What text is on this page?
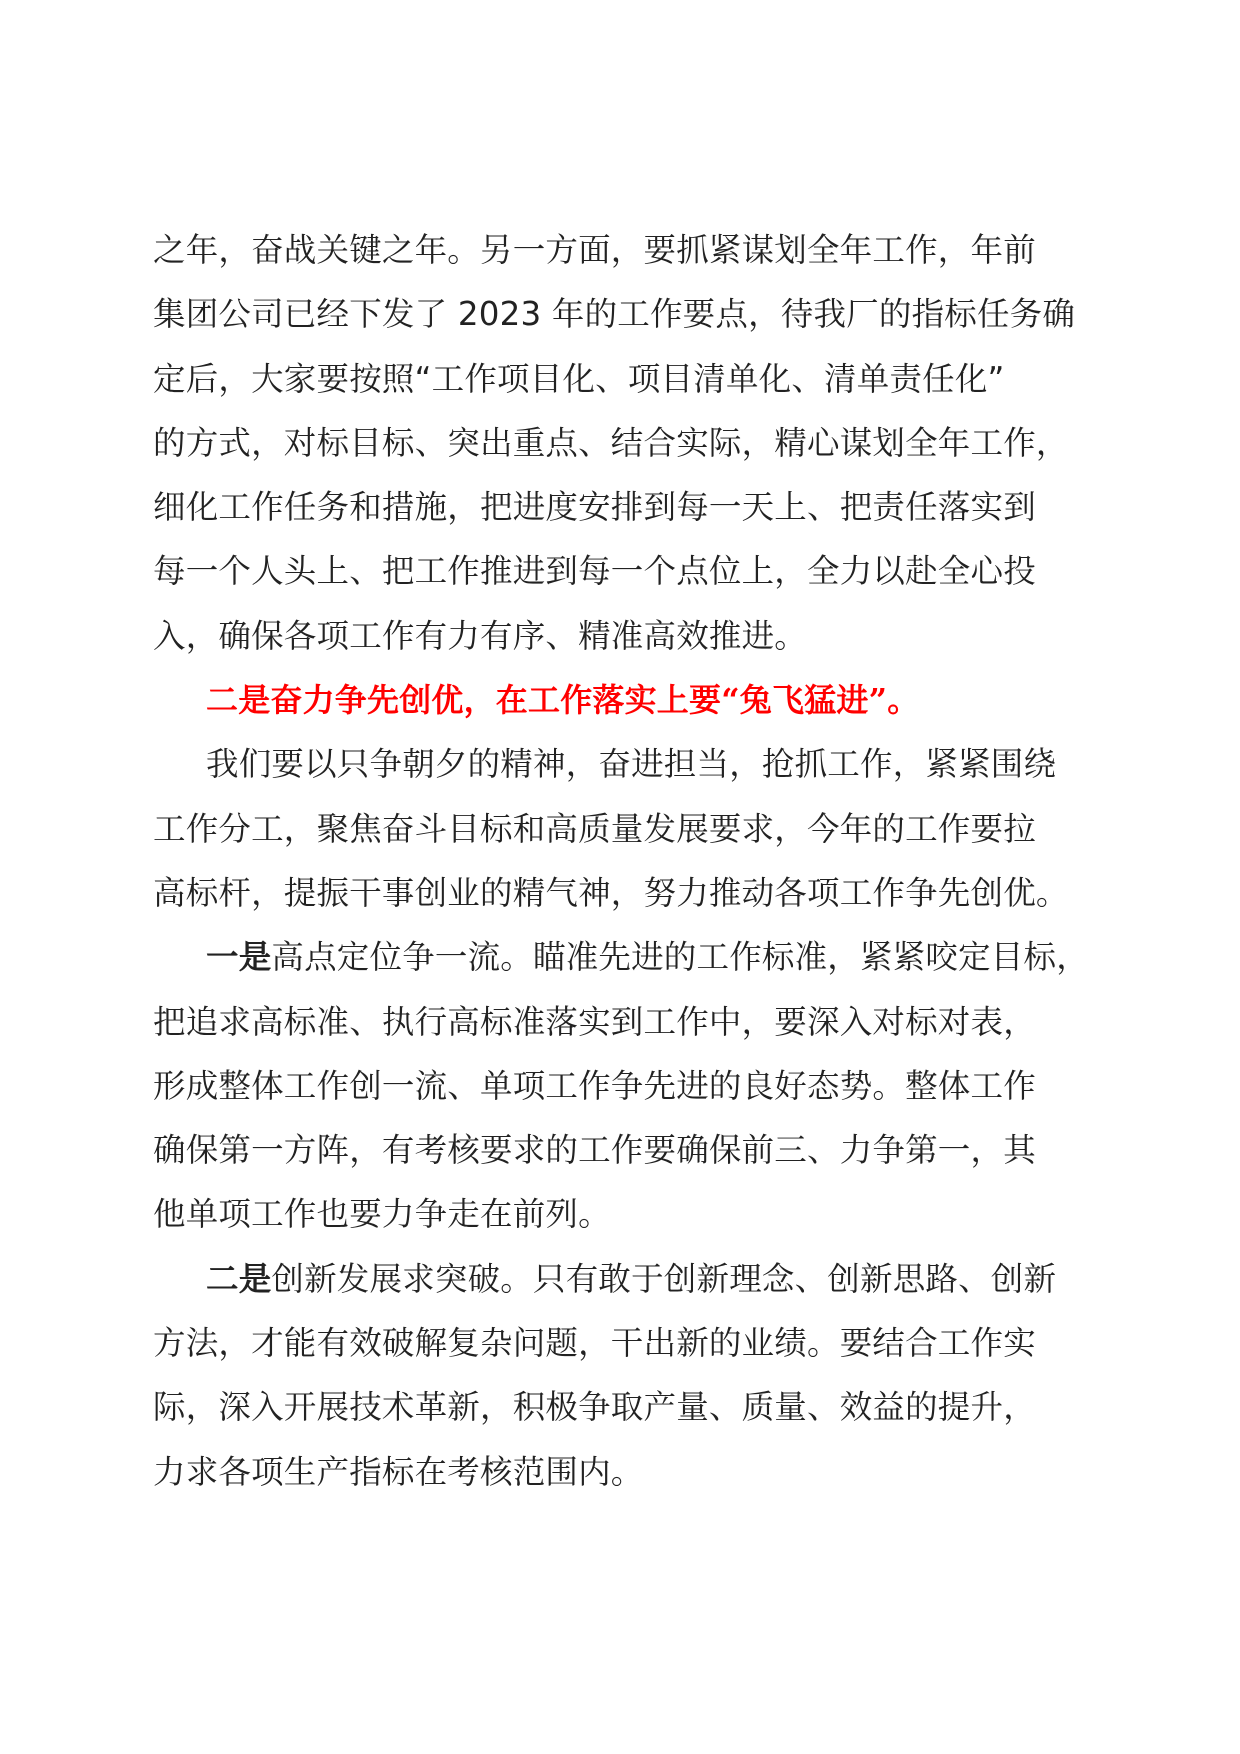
之年，奋战关键之年。另一方面，要抓紧谋划全年工作，年前
集团公司已经下发了 2023 年的工作要点，待我厂的指标任务确
定后，大家要按照“工作项目化、项目清单化、清单责任化”
的方式，对标目标、突出重点、结合实际，精心谋划全年工作，
细化工作任务和措施，把进度安排到每一天上、把责任落实到
每一个人头上、把工作推进到每一个点位上，全力以赴全心投
入，确保各项工作有力有序、精准高效推进。
二是奋力争先创优，在工作落实上要“兔飞猛进”。
我们要以只争朝夕的精神，奋进担当，抢抓工作，紧紧围绕
工作分工，聚焦奋斗目标和高质量发展要求，今年的工作要拉
高标杆，提振干事创业的精气神，努力推动各项工作争先创优。
一是高点定位争一流。瞄准先进的工作标准，紧紧咬定目标，
把追求高标准、执行高标准落实到工作中，要深入对标对表，
形成整体工作创一流、单项工作争先进的良好态势。整体工作
确保第一方阵，有考核要求的工作要确保前三、力争第一，其
他单项工作也要力争走在前列。
二是创新发展求突破。只有敢于创新理念、创新思路、创新
方法，才能有效破解复杂问题，干出新的业绩。要结合工作实
际，深入开展技术革新，积极争取产量、质量、效益的提升，
力求各项生产指标在考核范围内。
